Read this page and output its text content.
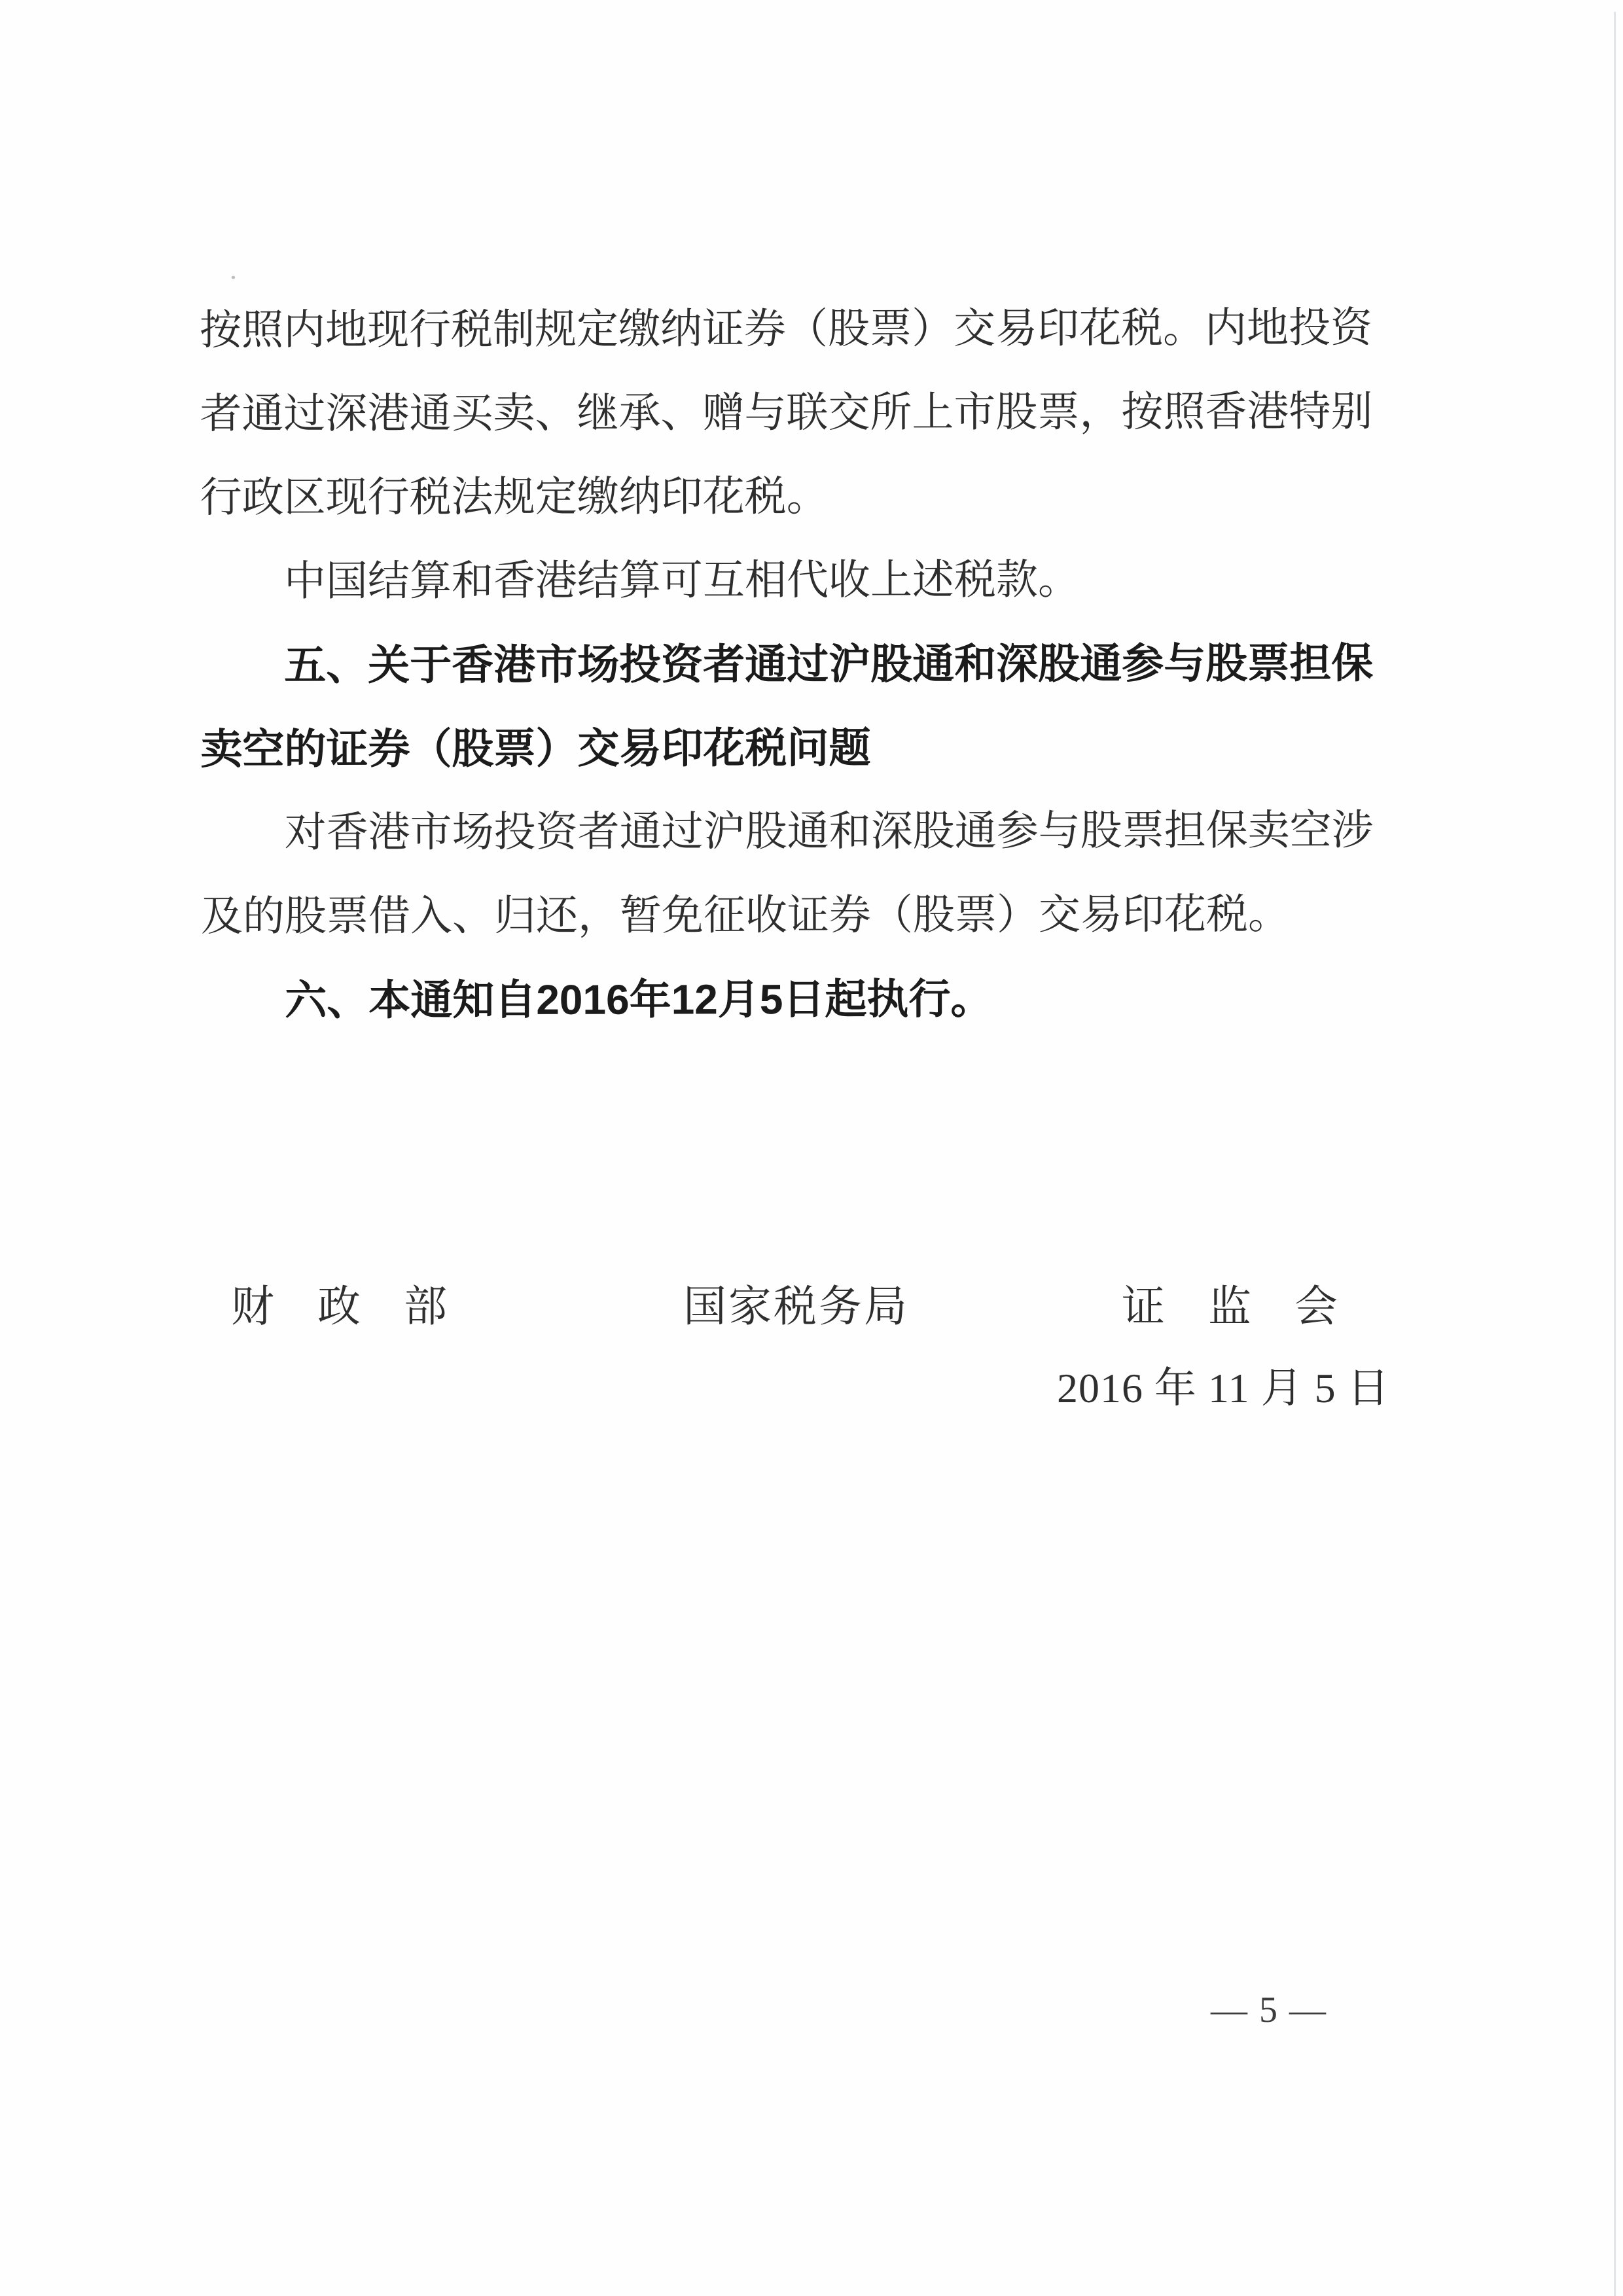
按照内地现行税制规定缴纳证券（股票）交易印花税。内地投资
者通过深港通买卖、继承、赠与联交所上市股票，按照香港特别
行政区现行税法规定缴纳印花税。
中国结算和香港结算可互相代收上述税款。
五、关于香港市场投资者通过沪股通和深股通参与股票担保
卖空的证券（股票）交易印花税问题
对香港市场投资者通过沪股通和深股通参与股票担保卖空涉
及的股票借入、归还，暂免征收证券（股票）交易印花税。
六、本通知自2016年12月5日起执行。
财　政　部	国家税务局	证　监　会
2016 年 11 月 5 日
— 5 —
